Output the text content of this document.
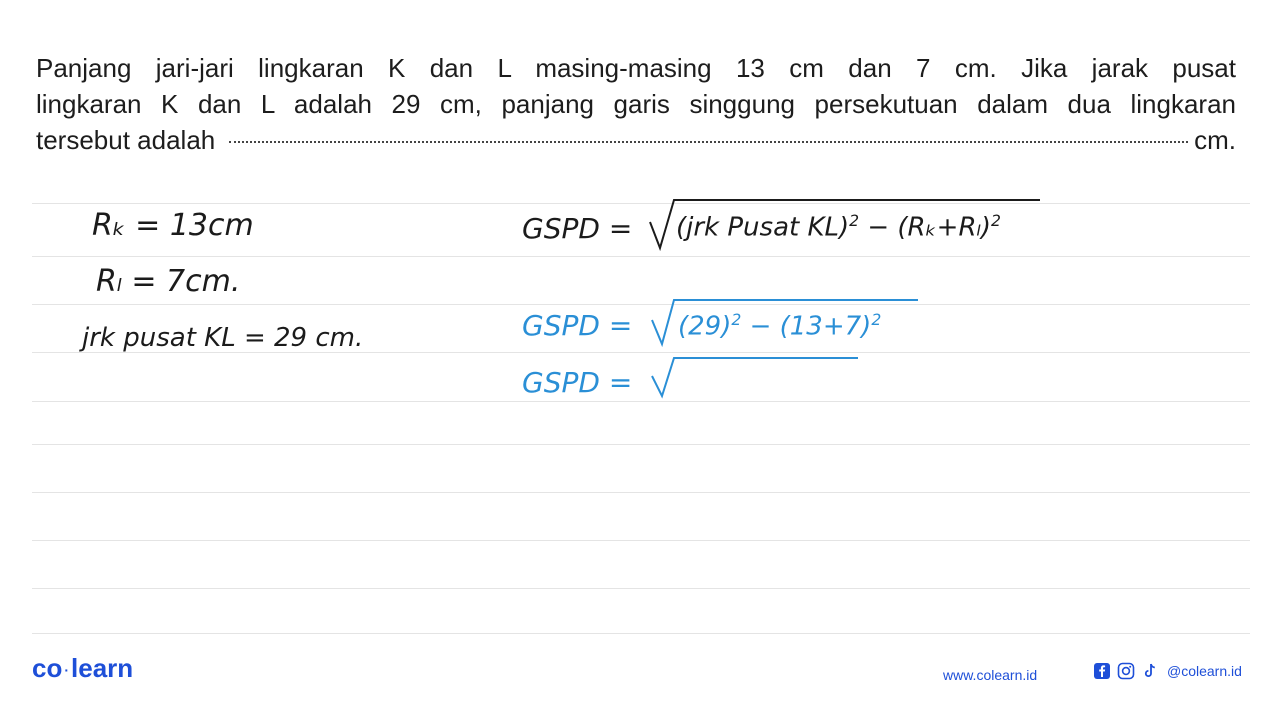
Panjang jari-jari lingkaran K dan L masing-masing 13 cm dan 7 cm. Jika jarak pusat
lingkaran K dan L adalah 29 cm, panjang garis singgung persekutuan dalam dua lingkaran
tersebut adalah	cm.
Rₖ = 13cm
Rₗ = 7cm.
jrk pusat KL = 29 cm.
GSPD = (jrk Pusat $KL)^2 - (R_k+R_l)^2$
GSPD = $(29)^2 - (13+7)^2$
GSPD =
co ·learn	www.colearn.id	@colearn.id
